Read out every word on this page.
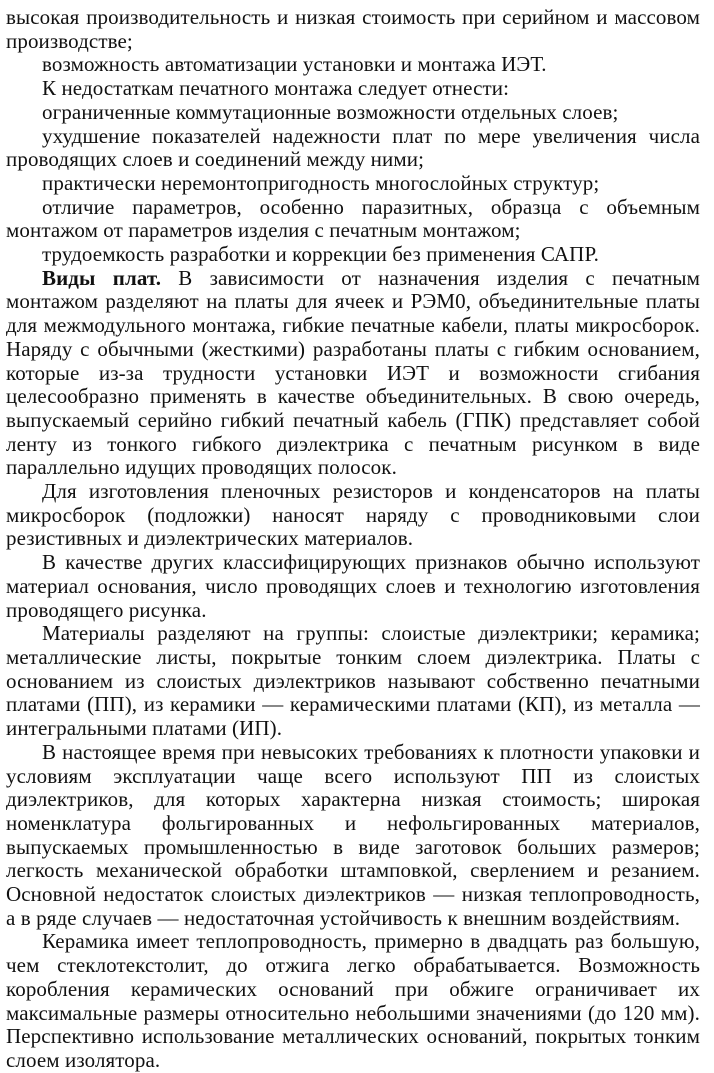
высокая производительность и низкая стоимость при серийном и массовом производстве;

возможность автоматизации установки и монтажа ИЭТ.

К недостаткам печатного монтажа следует отнести:

ограниченные коммутационные возможности отдельных слоев;

ухудшение показателей надежности плат по мере увеличения числа проводящих слоев и соединений между ними;

практически неремонтопригодность многослойных структур;

отличие параметров, особенно паразитных, образца с объемным монтажом от параметров изделия с печатным монтажом;

трудоемкость разработки и коррекции без применения САПР.

Виды плат. В зависимости от назначения изделия с печатным монтажом разделяют на платы для ячеек и РЭМ0, объединительные платы для межмодульного монтажа, гибкие печатные кабели, платы микросборок. Наряду с обычными (жесткими) разработаны платы с гибким основанием, которые из-за трудности установки ИЭТ и возможности сгибания целесообразно применять в качестве объединительных. В свою очередь, выпускаемый серийно гибкий печатный кабель (ГПК) представляет собой ленту из тонкого гибкого диэлектрика с печатным рисунком в виде параллельно идущих проводящих полосок.

Для изготовления пленочных резисторов и конденсаторов на платы микросборок (подложки) наносят наряду с проводниковыми слои резистивных и диэлектрических материалов.

В качестве других классифицирующих признаков обычно используют материал основания, число проводящих слоев и технологию изготовления проводящего рисунка.

Материалы разделяют на группы: слоистые диэлектрики; керамика; металлические листы, покрытые тонким слоем диэлектрика. Платы с основанием из слоистых диэлектриков называют собственно печатными платами (ПП), из керамики — керамическими платами (КП), из металла — интегральными платами (ИП).

В настоящее время при невысоких требованиях к плотности упаковки и условиям эксплуатации чаще всего используют ПП из слоистых диэлектриков, для которых характерна низкая стоимость; широкая номенклатура фольгированных и нефольгированных материалов, выпускаемых промышленностью в виде заготовок больших размеров; легкость механической обработки штамповкой, сверлением и резанием. Основной недостаток слоистых диэлектриков — низкая теплопроводность, а в ряде случаев — недостаточная устойчивость к внешним воздействиям.

Керамика имеет теплопроводность, примерно в двадцать раз большую, чем стеклотекстолит, до отжига легко обрабатывается. Возможность коробления керамических оснований при обжиге ограничивает их максимальные размеры относительно небольшими значениями (до 120 мм). Перспективно использование металлических оснований, покрытых тонким слоем изолятора.
